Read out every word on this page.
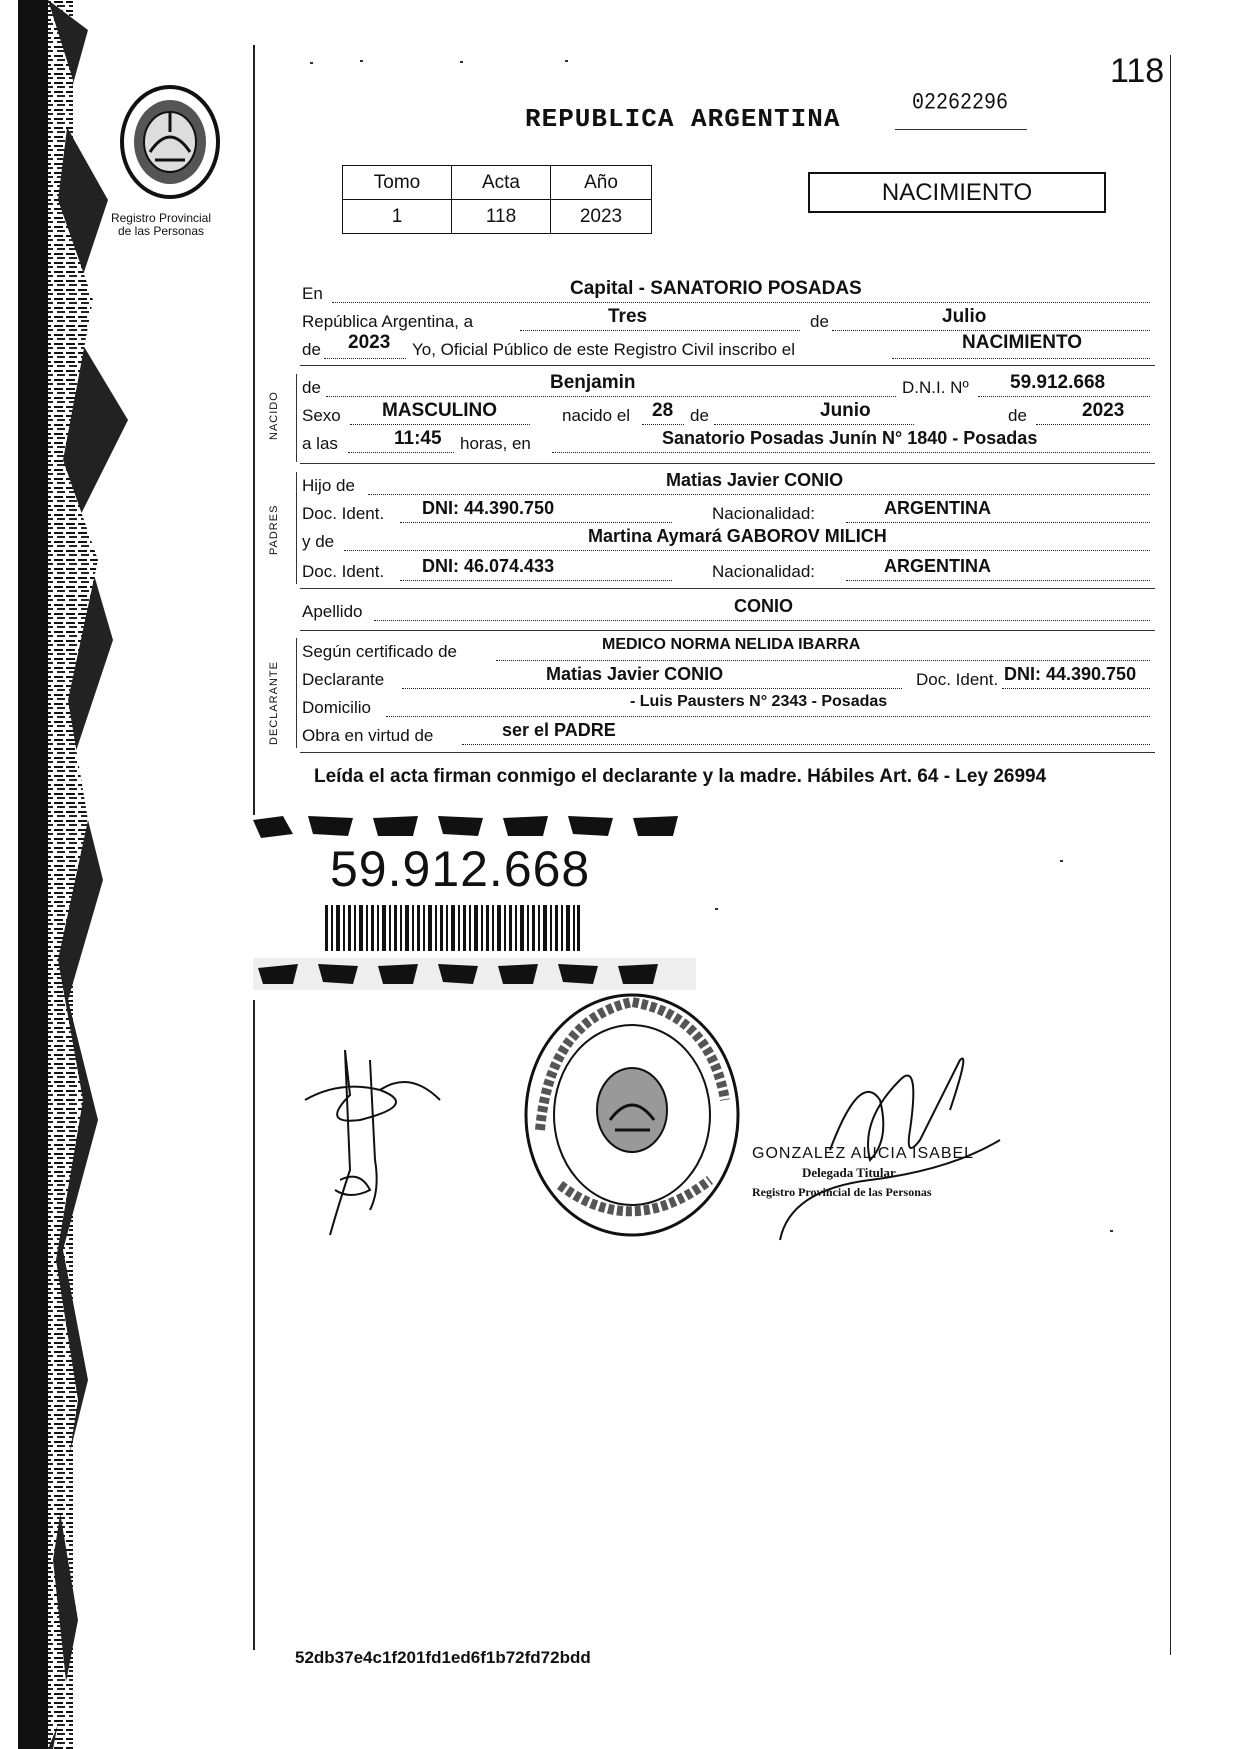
Registro Provincial
de las Personas
118
02262296
REPUBLICA ARGENTINA
Tomo	Acta	Año
1	118	2023
NACIMIENTO
En	Capital - SANATORIO POSADAS
República Argentina, a	Tres	de	Julio
de 2023 Yo, Oficial Público de este Registro Civil inscribo el	NACIMIENTO
NACIDO
de	Benjamin	D.N.I. Nº 59.912.668
Sexo MASCULINO	nacido el 28 de	Junio	de	2023
a las	11:45 horas, en	Sanatorio Posadas Junín N° 1840 - Posadas
PADRES
Hijo de	Matias Javier CONIO
Doc. Ident. DNI: 44.390.750	Nacionalidad:	ARGENTINA
y de	Martina Aymará GABOROV MILICH
Doc. Ident. DNI: 46.074.433	Nacionalidad:	ARGENTINA
Apellido	CONIO
DECLARANTE
Según certificado de	MEDICO NORMA NELIDA IBARRA
Declarante	Matias Javier CONIO	Doc. Ident. DNI: 44.390.750
Domicilio	- Luis Pausters N° 2343 - Posadas
Obra en virtud de	ser el PADRE
Leída el acta firman conmigo el declarante y la madre. Hábiles Art. 64 - Ley 26994
59.912.668
GONZALEZ ALICIA ISABEL
Delegada Titular
Registro Provincial de las Personas
52db37e4c1f201fd1ed6f1b72fd72bdd
